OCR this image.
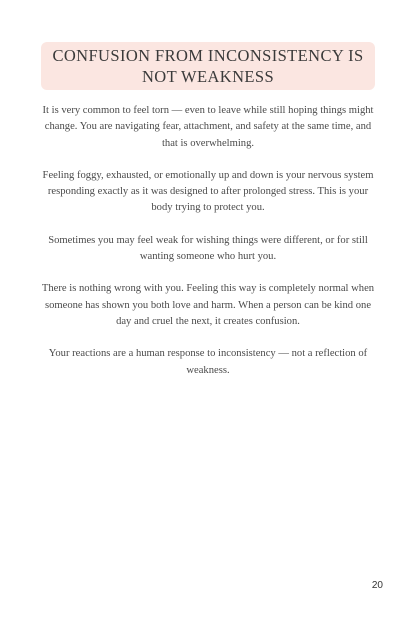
CONFUSION FROM INCONSISTENCY IS NOT WEAKNESS

It is very common to feel torn — even to leave while still hoping things might change. You are navigating fear, attachment, and safety at the same time, and that is overwhelming.

Feeling foggy, exhausted, or emotionally up and down is your nervous system responding exactly as it was designed to after prolonged stress. This is your body trying to protect you.

Sometimes you may feel weak for wishing things were different, or for still wanting someone who hurt you.

There is nothing wrong with you. Feeling this way is completely normal when someone has shown you both love and harm. When a person can be kind one day and cruel the next, it creates confusion.

Your reactions are a human response to inconsistency — not a reflection of weakness.

20
